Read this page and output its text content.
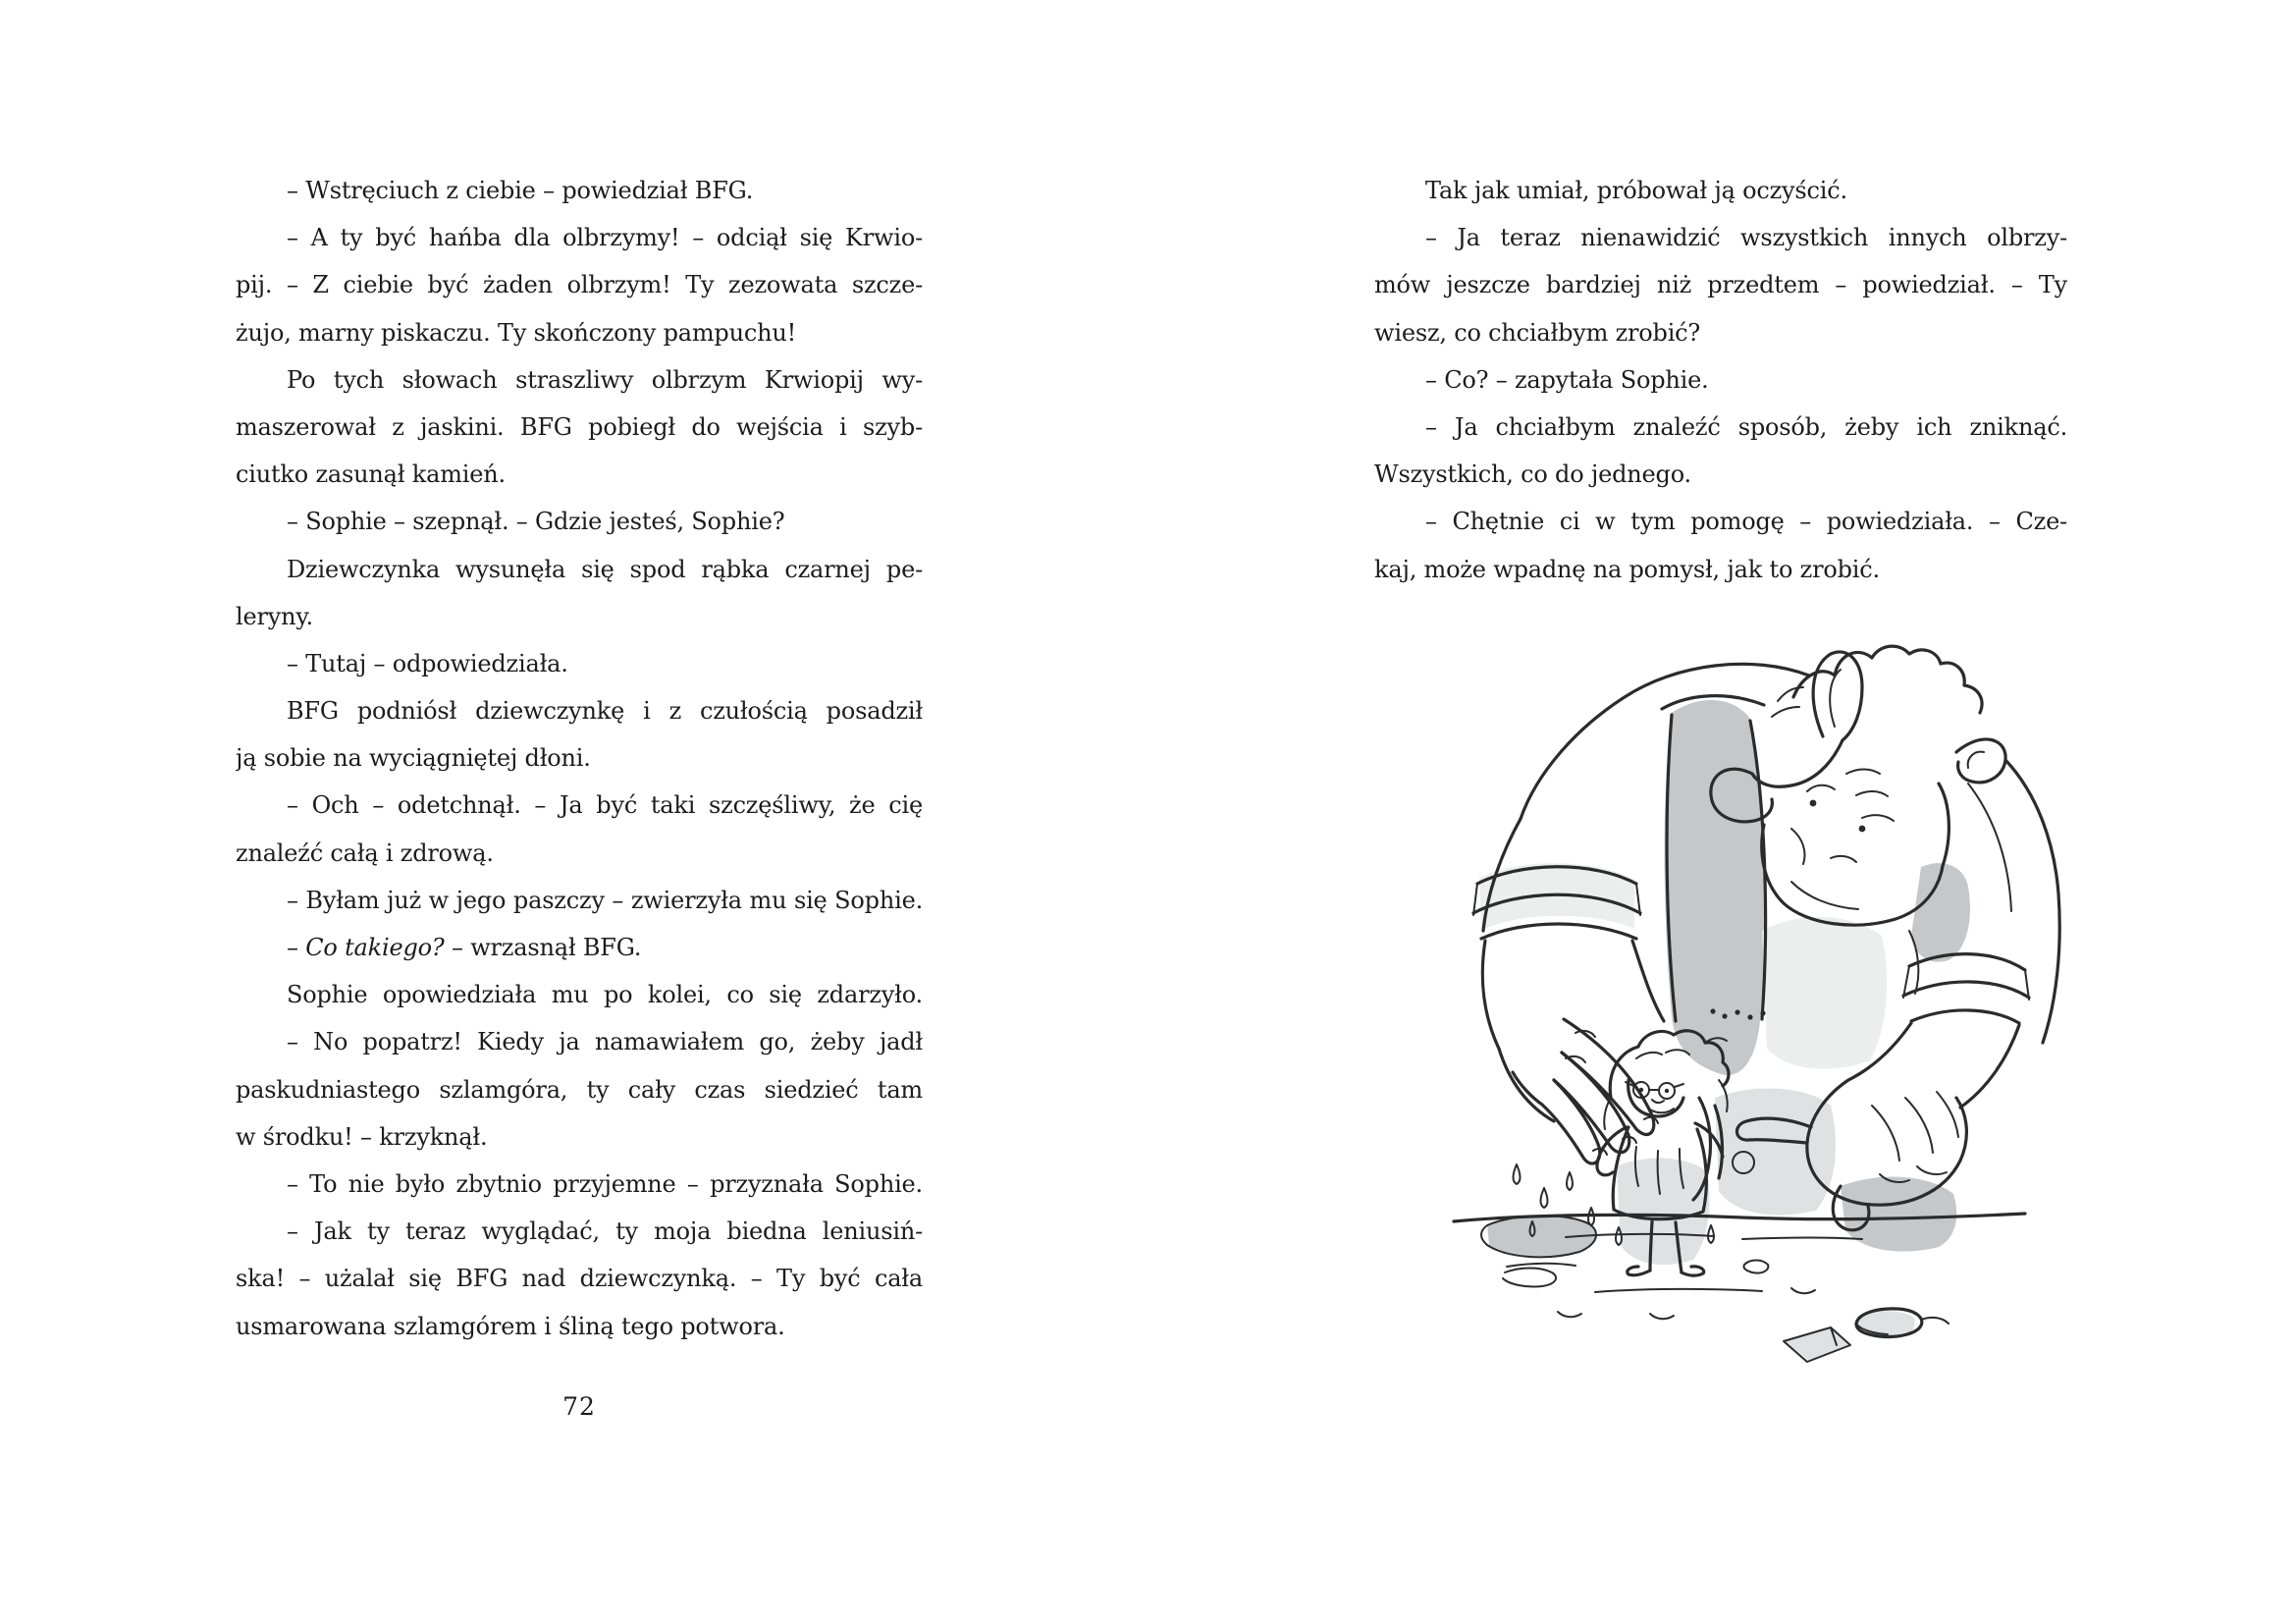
– Wstręciuch z ciebie – powiedział BFG.
– A ty być hańba dla olbrzymy! – odciął się Krwio-
pij. – Z ciebie być żaden olbrzym! Ty zezowata szcze-
żujo, marny piskaczu. Ty skończony pampuchu!
Po tych słowach straszliwy olbrzym Krwiopij wy-
maszerował z jaskini. BFG pobiegł do wejścia i szyb-
ciutko zasunął kamień.
– Sophie – szepnął. – Gdzie jesteś, Sophie?
Dziewczynka wysunęła się spod rąbka czarnej pe-
leryny.
– Tutaj – odpowiedziała.
BFG podniósł dziewczynkę i z czułością posadził
ją sobie na wyciągniętej dłoni.
– Och – odetchnął. – Ja być taki szczęśliwy, że cię
znaleźć całą i zdrową.
– Byłam już w jego paszczy – zwierzyła mu się Sophie.
– Co takiego? – wrzasnął BFG.
Sophie opowiedziała mu po kolei, co się zdarzyło.
– No popatrz! Kiedy ja namawiałem go, żeby jadł
paskudniastego szlamgóra, ty cały czas siedzieć tam
w środku! – krzyknął.
– To nie było zbytnio przyjemne – przyznała Sophie.
– Jak ty teraz wyglądać, ty moja biedna leniusiń-
ska! – użalał się BFG nad dziewczynką. – Ty być cała
usmarowana szlamgórem i śliną tego potwora.
72
Tak jak umiał, próbował ją oczyścić.
– Ja teraz nienawidzić wszystkich innych olbrzy-
mów jeszcze bardziej niż przedtem – powiedział. – Ty
wiesz, co chciałbym zrobić?
– Co? – zapytała Sophie.
– Ja chciałbym znaleźć sposób, żeby ich zniknąć.
Wszystkich, co do jednego.
– Chętnie ci w tym pomogę – powiedziała. – Cze-
kaj, może wpadnę na pomysł, jak to zrobić.
